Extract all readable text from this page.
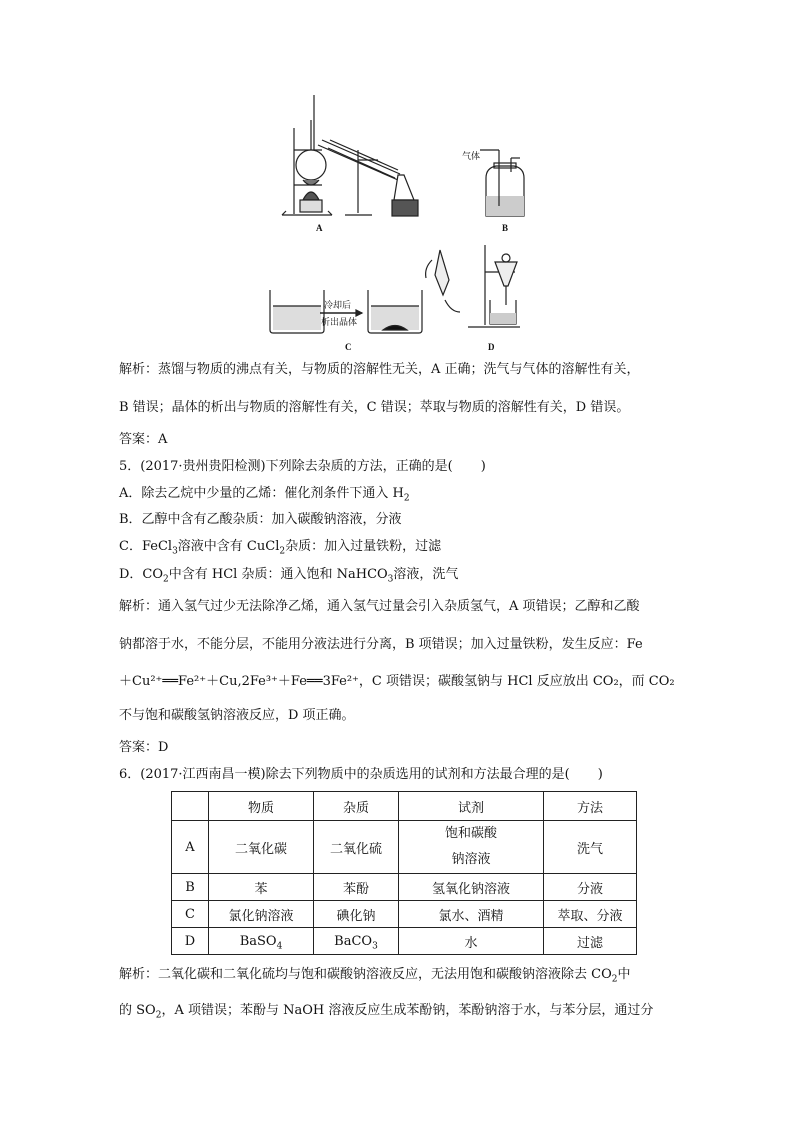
A	B
C	D
气体
冷却后
析出晶体
解析：蒸馏与物质的沸点有关，与物质的溶解性无关，A 正确；洗气与气体的溶解性有关，
B 错误；晶体的析出与物质的溶解性有关，C 错误；萃取与物质的溶解性有关，D 错误。
答案：A
5．(2017·贵州贵阳检测)下列除去杂质的方法，正确的是( )
A．除去乙烷中少量的乙烯：催化剂条件下通入 $H_2$
B．乙醇中含有乙酸杂质：加入碳酸钠溶液，分液
C．FeCl$_3$溶液中含有 CuCl$_2$杂质：加入过量铁粉，过滤
D．$CO_2$中含有 HCl 杂质：通入饱和 NaHCO$_3$溶液，洗气
解析：通入氢气过少无法除净乙烯，通入氢气过量会引入杂质氢气，A 项错误；乙醇和乙酸
钠都溶于水，不能分层，不能用分液法进行分离，B 项错误；加入过量铁粉，发生反应：Fe
＋Cu²⁺══Fe²⁺＋Cu,2Fe³⁺＋Fe══3Fe²⁺，C 项错误；碳酸氢钠与 HCl 反应放出 CO₂，而 CO₂
不与饱和碳酸氢钠溶液反应，D 项正确。
答案：D
6．(2017·江西南昌一模)除去下列物质中的杂质选用的试剂和方法最合理的是( )
	物质	杂质	试剂	方法
A	二氧化碳	二氧化硫	饱和碳酸
钠溶液	洗气
B	苯	苯酚	氢氧化钠溶液	分液
C	氯化钠溶液	碘化钠	氯水、酒精	萃取、分液
D	BaSO$_4$	BaCO$_3$	水	过滤
解析：二氧化碳和二氧化硫均与饱和碳酸钠溶液反应，无法用饱和碳酸钠溶液除去 $CO_2$中
的 $SO_2$，A 项错误；苯酚与 NaOH 溶液反应生成苯酚钠，苯酚钠溶于水，与苯分层，通过分
